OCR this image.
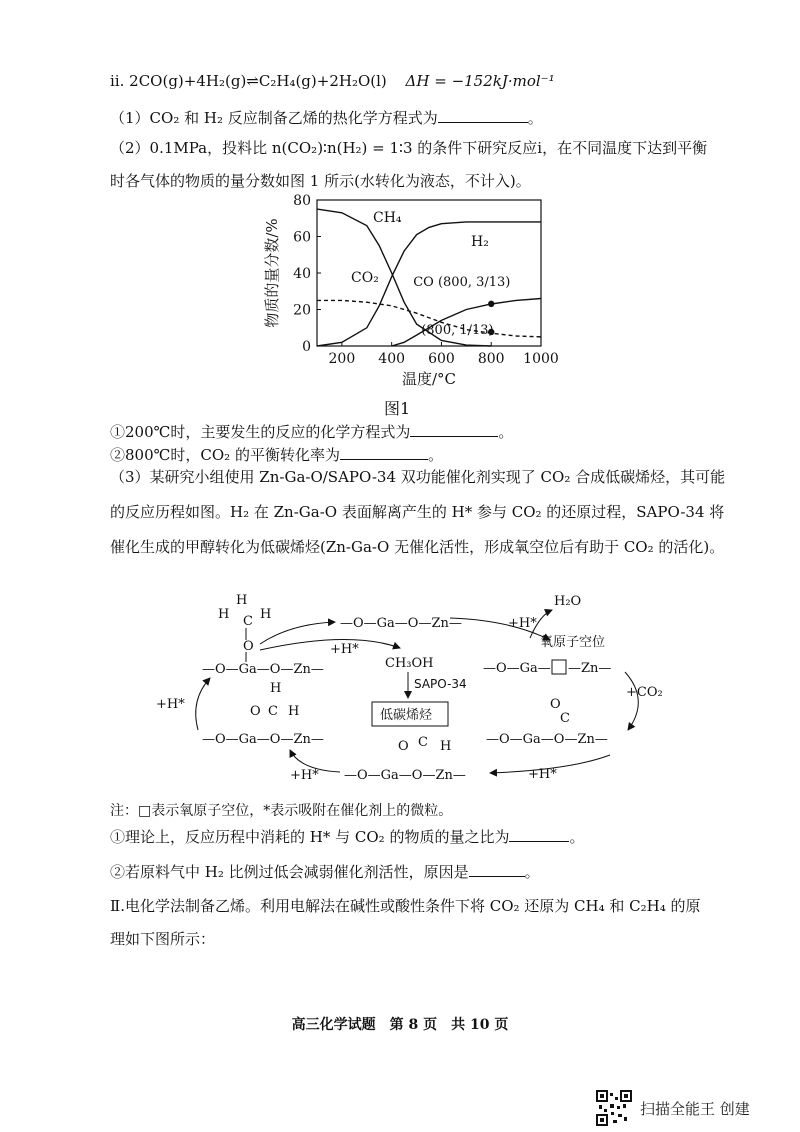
ⅱ. 2CO(g)+4H₂(g)⇌C₂H₄(g)+2H₂O(l) ΔH = −152kJ·mol⁻¹
（1）CO₂ 和 H₂ 反应制备乙烯的热化学方程式为	。
（2）0.1MPa，投料比 n(CO₂)∶n(H₂) = 1∶3 的条件下研究反应ⅰ，在不同温度下达到平衡
时各气体的物质的量分数如图 1 所示(水转化为液态，不计入)。
0
20
40
60
80
200 400 600 800 1000
温度/°C
物质的量分数/%
CH₄
H₂
CO₂	CO (800, 3/13)
(800, 1/13)
图1
①200℃时，主要发生的反应的化学方程式为	。
②800℃时，CO₂ 的平衡转化率为	。
（3）某研究小组使用 Zn-Ga-O/SAPO-34 双功能催化剂实现了 CO₂ 合成低碳烯烃，其可能
的反应历程如图。H₂ 在 Zn-Ga-O 表面解离产生的 H* 参与 CO₂ 的还原过程，SAPO-34 将
催化生成的甲醇转化为低碳烯烃(Zn-Ga-O 无催化活性，形成氧空位后有助于 CO₂ 的活化)。
H
H
H
C
O
—O—Ga—O—Zn—
—O—Ga—O—Zn—
+H*
+H*
H₂O
CH₃OH
SAPO-34
低碳烯烃
氧原子空位
—O—Ga— —Zn—
+CO₂
O
C
—O—Ga—O—Zn—
+H*
O C H
—O—Ga—O—Zn—
+H*
H
O C H
—O—Ga—O—Zn—
+H*
注：□表示氧原子空位，*表示吸附在催化剂上的微粒。
①理论上，反应历程中消耗的 H* 与 CO₂ 的物质的量之比为	。
②若原料气中 H₂ 比例过低会减弱催化剂活性，原因是	。
Ⅱ.电化学法制备乙烯。利用电解法在碱性或酸性条件下将 CO₂ 还原为 CH₄ 和 C₂H₄ 的原
理如下图所示：
高三化学试题　第 8 页　共 10 页
扫描全能王 创建
